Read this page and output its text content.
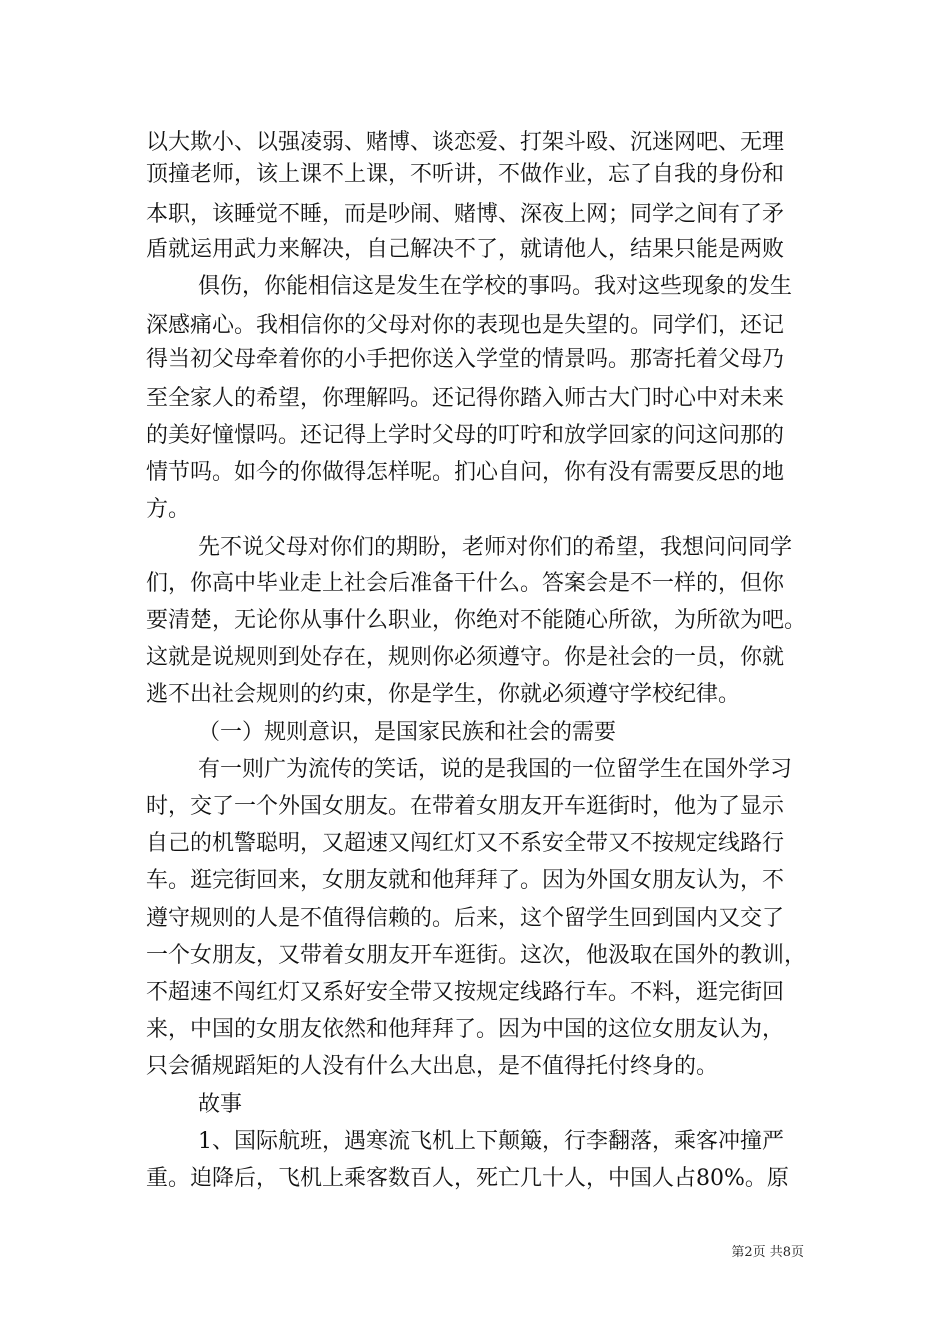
以大欺小、以强凌弱、赌博、谈恋爱、打架斗殴、沉迷网吧、无理
顶撞老师，该上课不上课，不听讲，不做作业，忘了自我的身份和
本职，该睡觉不睡，而是吵闹、赌博、深夜上网；同学之间有了矛
盾就运用武力来解决，自己解决不了，就请他人，结果只能是两败
俱伤，你能相信这是发生在学校的事吗。我对这些现象的发生
深感痛心。我相信你的父母对你的表现也是失望的。同学们，还记
得当初父母牵着你的小手把你送入学堂的情景吗。那寄托着父母乃
至全家人的希望，你理解吗。还记得你踏入师古大门时心中对未来
的美好憧憬吗。还记得上学时父母的叮咛和放学回家的问这问那的
情节吗。如今的你做得怎样呢。扪心自问，你有没有需要反思的地
方。
先不说父母对你们的期盼，老师对你们的希望，我想问问同学
们，你高中毕业走上社会后准备干什么。答案会是不一样的，但你
要清楚，无论你从事什么职业，你绝对不能随心所欲，为所欲为吧。
这就是说规则到处存在，规则你必须遵守。你是社会的一员，你就
逃不出社会规则的约束，你是学生，你就必须遵守学校纪律。
（一）规则意识，是国家民族和社会的需要
有一则广为流传的笑话，说的是我国的一位留学生在国外学习
时，交了一个外国女朋友。在带着女朋友开车逛街时，他为了显示
自己的机警聪明，又超速又闯红灯又不系安全带又不按规定线路行
车。逛完街回来，女朋友就和他拜拜了。因为外国女朋友认为，不
遵守规则的人是不值得信赖的。后来，这个留学生回到国内又交了
一个女朋友，又带着女朋友开车逛街。这次，他汲取在国外的教训，
不超速不闯红灯又系好安全带又按规定线路行车。不料，逛完街回
来，中国的女朋友依然和他拜拜了。因为中国的这位女朋友认为，
只会循规蹈矩的人没有什么大出息，是不值得托付终身的。
故事
1、国际航班，遇寒流飞机上下颠簸，行李翻落，乘客冲撞严
重。迫降后，飞机上乘客数百人，死亡几十人，中国人占80%。原
第2页 共8页
